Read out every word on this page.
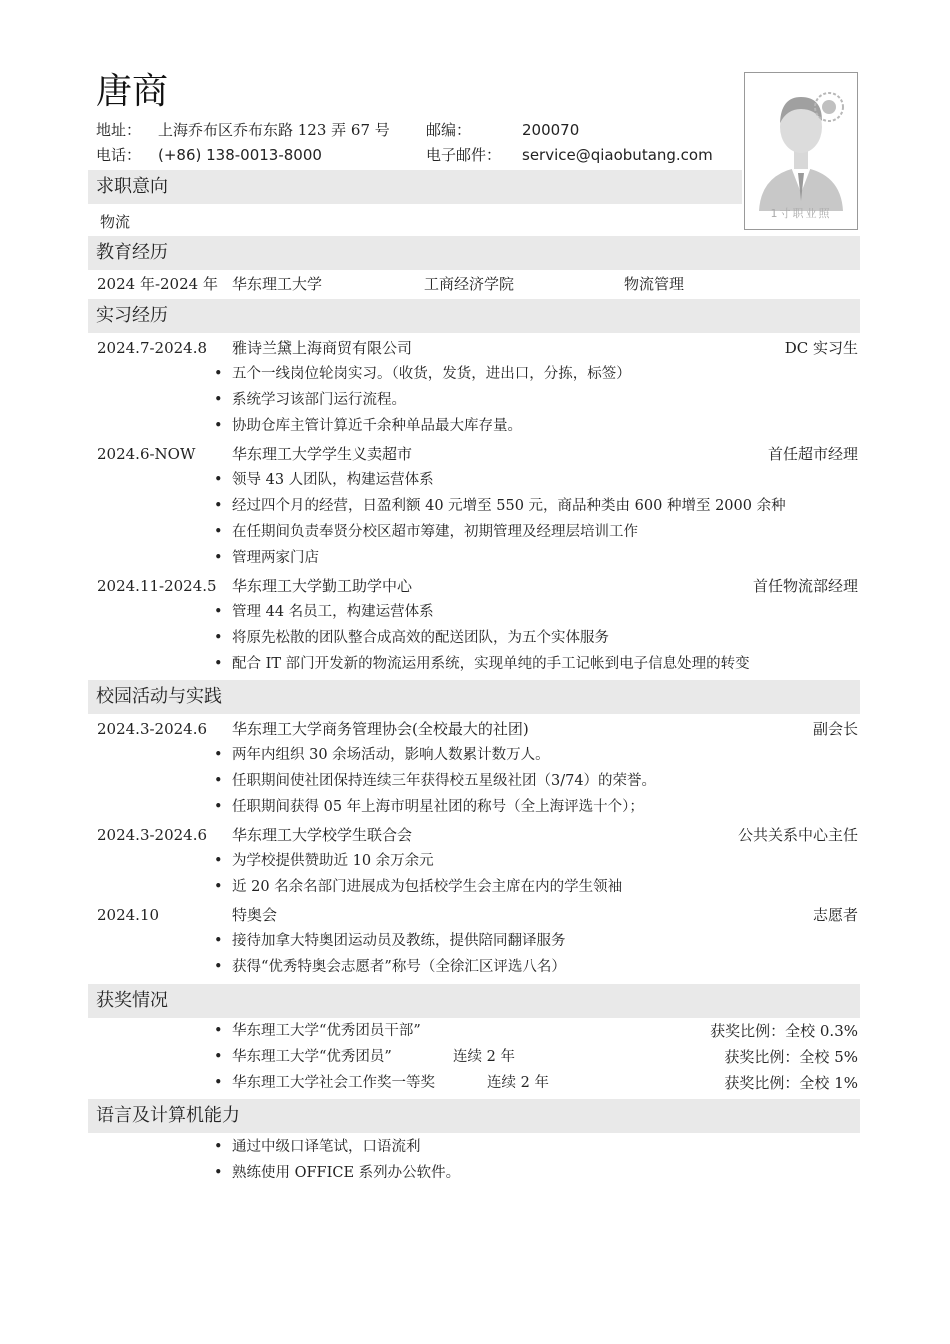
唐商
地址： 上海乔布区乔布东路 123 弄 67 号 邮编：	200070
电话： (+86) 138-0013-8000	电子邮件： service@qiaobutang.com
1寸职业照
求职意向
物流
教育经历
2024 年-2024 年 华东理工大学	工商经济学院	物流管理
实习经历
2024.7-2024.8 雅诗兰黛上海商贸有限公司	DC 实习生
五个一线岗位轮岗实习。（收货，发货，进出口，分拣，标签）
系统学习该部门运行流程。
协助仓库主管计算近千余种单品最大库存量。
2024.6-NOW 华东理工大学学生义卖超市	首任超市经理
领导 43 人团队，构建运营体系
经过四个月的经营，日盈利额 40 元增至 550 元，商品种类由 600 种增至 2000 余种
在任期间负责奉贤分校区超市筹建，初期管理及经理层培训工作
管理两家门店
2024.11-2024.5 华东理工大学勤工助学中心	首任物流部经理
管理 44 名员工，构建运营体系
将原先松散的团队整合成高效的配送团队，为五个实体服务
配合 IT 部门开发新的物流运用系统，实现单纯的手工记帐到电子信息处理的转变
校园活动与实践
2024.3-2024.6 华东理工大学商务管理协会(全校最大的社团)	副会长
两年内组织 30 余场活动，影响人数累计数万人。
任职期间使社团保持连续三年获得校五星级社团（3/74）的荣誉。
任职期间获得 05 年上海市明星社团的称号（全上海评选十个）；
2024.3-2024.6 华东理工大学校学生联合会	公共关系中心主任
为学校提供赞助近 10 余万余元
近 20 名余名部门进展成为包括校学生会主席在内的学生领袖
2024.10	特奥会	志愿者
接待加拿大特奥团运动员及教练，提供陪同翻译服务
获得“优秀特奥会志愿者”称号（全徐汇区评选八名）
获奖情况
华东理工大学“优秀团员干部”	获奖比例：全校 0.3%
华东理工大学“优秀团员”	连续 2 年	获奖比例：全校 5%
华东理工大学社会工作奖一等奖	连续 2 年	获奖比例：全校 1%
语言及计算机能力
通过中级口译笔试，口语流利
熟练使用 OFFICE 系列办公软件。
